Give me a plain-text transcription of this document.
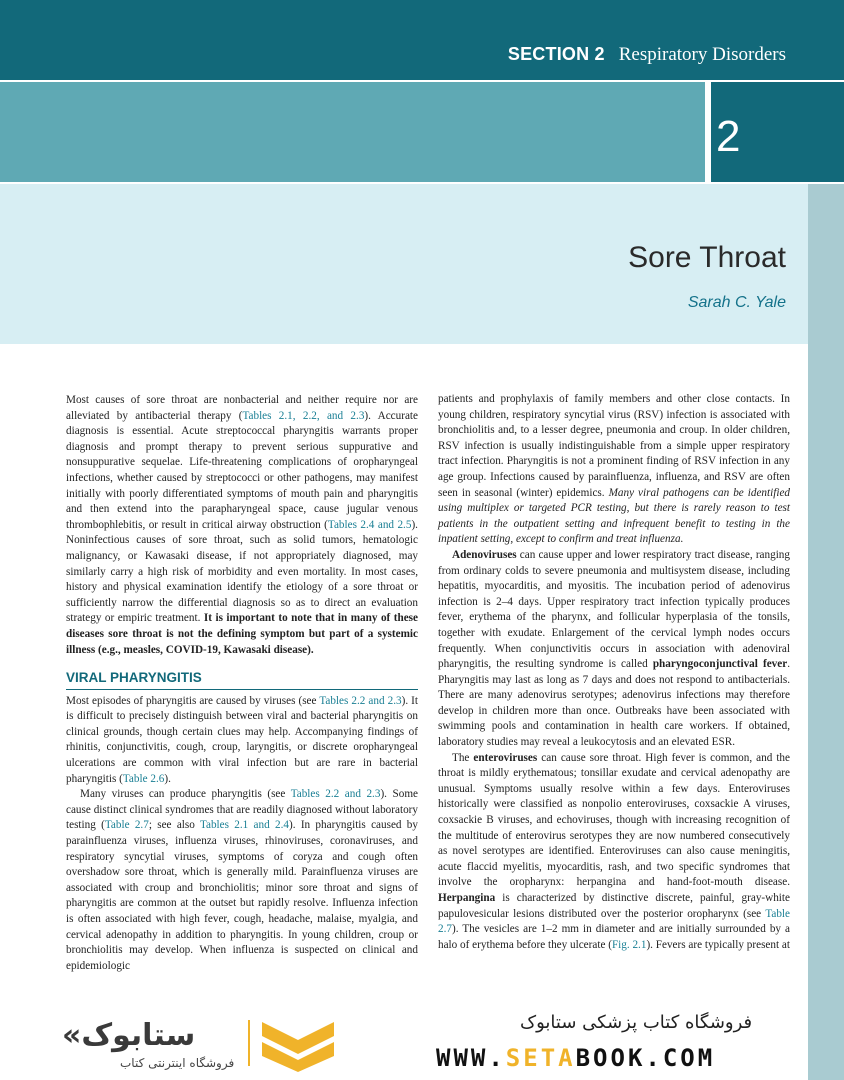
SECTION 2 Respiratory Disorders
2
Sore Throat
Sarah C. Yale

Most causes of sore throat are nonbacterial and neither require nor are alleviated by antibacterial therapy (Tables 2.1, 2.2, and 2.3). Accurate diagnosis is essential. Acute streptococcal pharyngitis warrants proper diagnosis and prompt therapy to prevent serious suppurative and nonsuppurative sequelae. Life-threatening complications of oropharyngeal infections, whether caused by streptococci or other pathogens, may manifest initially with poorly differentiated symptoms of mouth pain and pharyngitis and then extend into the parapharyngeal space, cause jugular venous thrombophlebitis, or result in critical airway obstruction (Tables 2.4 and 2.5). Noninfectious causes of sore throat, such as solid tumors, hematologic malignancy, or Kawasaki disease, if not appropriately diagnosed, may similarly carry a high risk of morbidity and even mortality. In most cases, history and physical examination identify the etiology of a sore throat or sufficiently narrow the differential diagnosis so as to direct an evaluation strategy or empiric treatment. It is important to note that in many of these diseases sore throat is not the defining symptom but part of a systemic illness (e.g., measles, COVID-19, Kawasaki disease).

VIRAL PHARYNGITIS

Most episodes of pharyngitis are caused by viruses (see Tables 2.2 and 2.3). It is difficult to precisely distinguish between viral and bacterial pharyngitis on clinical grounds, though certain clues may help. Accompanying findings of rhinitis, conjunctivitis, cough, croup, laryngitis, or discrete oropharyngeal ulcerations are common with viral infection but are rare in bacterial pharyngitis (Table 2.6).

Many viruses can produce pharyngitis (see Tables 2.2 and 2.3). Some cause distinct clinical syndromes that are readily diagnosed without laboratory testing (Table 2.7; see also Tables 2.1 and 2.4). In pharyngitis caused by parainfluenza viruses, influenza viruses, rhinoviruses, coronaviruses, and respiratory syncytial viruses, symptoms of coryza and cough often overshadow sore throat, which is generally mild. Parainfluenza viruses are associated with croup and bronchiolitis; minor sore throat and signs of pharyngitis are common at the outset but rapidly resolve. Influenza infection is often associated with high fever, cough, headache, malaise, myalgia, and cervical adenopathy in addition to pharyngitis. In young children, croup or bronchiolitis may develop. When influenza is suspected on clinical and epidemiologic

patients and prophylaxis of family members and other close contacts. In young children, respiratory syncytial virus (RSV) infection is associated with bronchiolitis and, to a lesser degree, pneumonia and croup. In older children, RSV infection is usually indistinguishable from a simple upper respiratory tract infection. Pharyngitis is not a prominent finding of RSV infection in any age group. Infections caused by parainfluenza, influenza, and RSV are often seen in seasonal (winter) epidemics. Many viral pathogens can be identified using multiplex or targeted PCR testing, but there is rarely reason to test patients in the outpatient setting and infrequent benefit to testing in the inpatient setting, except to confirm and treat influenza.

Adenoviruses can cause upper and lower respiratory tract disease, ranging from ordinary colds to severe pneumonia and multisystem disease, including hepatitis, myocarditis, and myositis. The incubation period of adenovirus infection is 2–4 days. Upper respiratory tract infection typically produces fever, erythema of the pharynx, and follicular hyperplasia of the tonsils, together with exudate. Enlargement of the cervical lymph nodes occurs frequently. When conjunctivitis occurs in association with adenoviral pharyngitis, the resulting syndrome is called pharyngoconjunctival fever. Pharyngitis may last as long as 7 days and does not respond to antibacterials. There are many adenovirus serotypes; adenovirus infections may therefore develop in children more than once. Outbreaks have been associated with swimming pools and contamination in health care workers. If obtained, laboratory studies may reveal a leukocytosis and an elevated ESR.

The enteroviruses can cause sore throat. High fever is common, and the throat is mildly erythematous; tonsillar exudate and cervical adenopathy are unusual. Symptoms usually resolve within a few days. Enteroviruses historically were classified as nonpolio enteroviruses, coxsackie A viruses, coxsackie B viruses, and echoviruses, though with increasing recognition of the multitude of enterovirus serotypes they are now numbered consecutively as novel serotypes are identified. Enteroviruses can also cause meningitis, acute flaccid myelitis, myocarditis, rash, and two specific syndromes that involve the oropharynx: herpangina and hand-foot-mouth disease. Herpangina is characterized by distinctive discrete, painful, gray-white papulovesicular lesions distributed over the posterior oropharynx (see Table 2.7). The vesicles are 1–2 mm in diameter and are initially surrounded by a halo of erythema before they ulcerate (Fig. 2.1). Fevers are typically present at

«ستابوک
فروشگاه اینترنتی کتاب
فروشگاه کتاب پزشکی ستابوک
WWW.SETABOOK.COM
